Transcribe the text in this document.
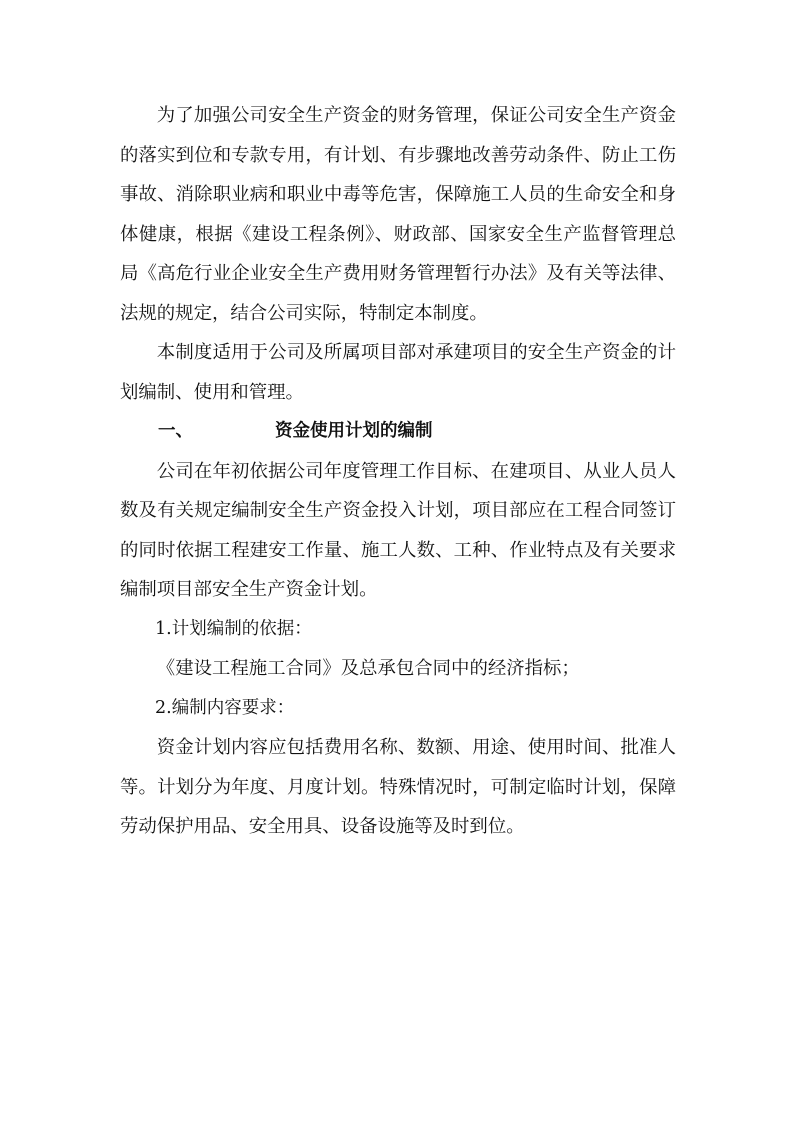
为了加强公司安全生产资金的财务管理，保证公司安全生产资金的落实到位和专款专用，有计划、有步骤地改善劳动条件、防止工伤事故、消除职业病和职业中毒等危害，保障施工人员的生命安全和身体健康，根据《建设工程条例》、财政部、国家安全生产监督管理总局《高危行业企业安全生产费用财务管理暂行办法》及有关等法律、法规的规定，结合公司实际，特制定本制度。

本制度适用于公司及所属项目部对承建项目的安全生产资金的计划编制、使用和管理。

一、	资金使用计划的编制

公司在年初依据公司年度管理工作目标、在建项目、从业人员人数及有关规定编制安全生产资金投入计划，项目部应在工程合同签订的同时依据工程建安工作量、施工人数、工种、作业特点及有关要求编制项目部安全生产资金计划。

1.计划编制的依据：

《建设工程施工合同》及总承包合同中的经济指标；

2.编制内容要求：

资金计划内容应包括费用名称、数额、用途、使用时间、批准人等。计划分为年度、月度计划。特殊情况时，可制定临时计划，保障劳动保护用品、安全用具、设备设施等及时到位。
